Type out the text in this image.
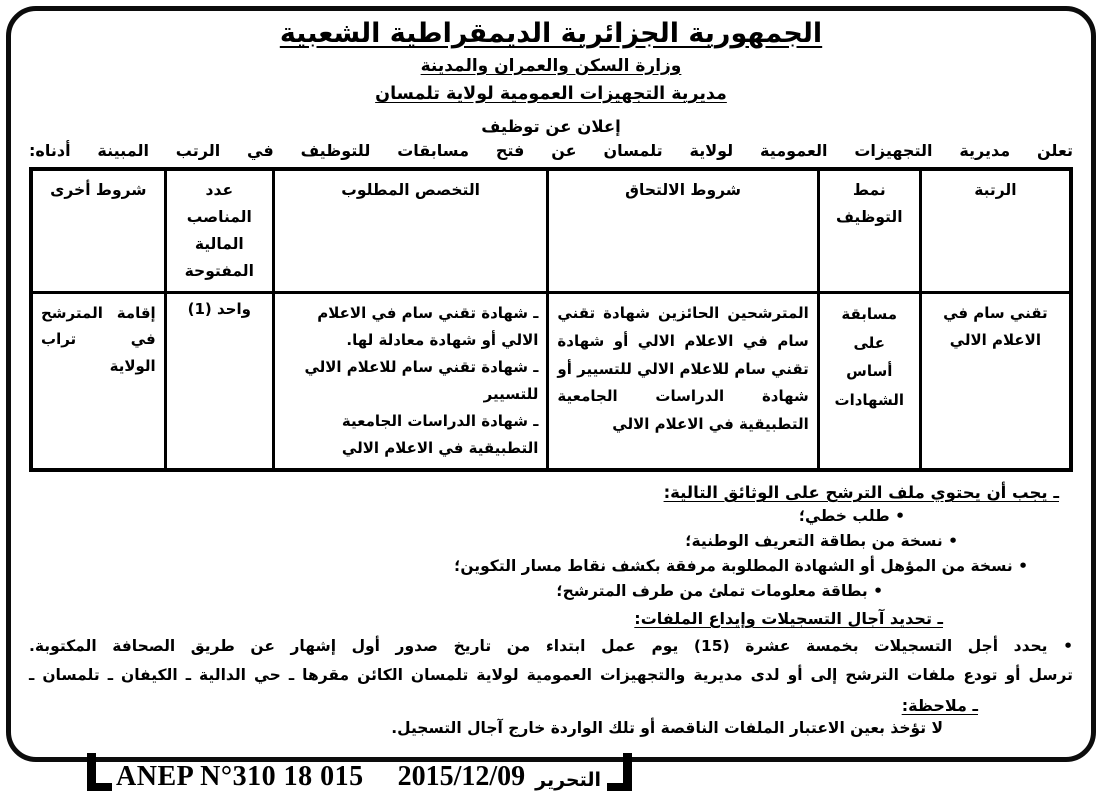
الجمهورية الجزائرية الديمقراطية الشعبية
وزارة السكن والعمران والمدينة
مديرية التجهيزات العمومية لولاية تلمسان
إعلان عن توظيف
تعلن مديرية التجهيزات العمومية لولاية تلمسان عن فتح مسابقات للتوظيف في الرتب المبينة أدناه:
الرتبة	نمط التوظيف	شروط الالتحاق	التخصص المطلوب	عدد المناصب المالية المفتوحة	شروط أخرى
تقني سام في الاعلام الالي	مسابقة على أساس الشهادات	المترشحين الحائزين شهادة تقني سام في الاعلام الالي أو شهادة تقني سام للاعلام الالي للتسيير أو شهادة الدراسات الجامعية التطبيقية في الاعلام الالي	ـ شهادة تقني سام في الاعلام الالي أو شهادة معادلة لها.
ـ شهادة تقني سام للاعلام الالي للتسيير
ـ شهادة الدراسات الجامعية التطبيقية في الاعلام الالي	واحد (1)	إقامة المترشح في تراب الولاية
ـ يجب أن يحتوي ملف الترشح على الوثائق التالية:
• طلب خطي؛
• نسخة من بطاقة التعريف الوطنية؛
• نسخة من المؤهل أو الشهادة المطلوبة مرفقة بكشف نقاط مسار التكوين؛
• بطاقة معلومات تملئ من طرف المترشح؛
ـ تحديد آجال التسجيلات وإيداع الملفات:
• يحدد أجل التسجيلات بخمسة عشرة (15) يوم عمل ابتداء من تاريخ صدور أول إشهار عن طريق الصحافة المكتوبة.
ترسل أو تودع ملفات الترشح إلى أو لدى مديرية والتجهيزات العمومية لولاية تلمسان الكائن مقرها ـ حي الدالية ـ الكيفان ـ تلمسان ـ
ـ ملاحظة:
لا تؤخذ بعين الاعتبار الملفات الناقصة أو تلك الواردة خارج آجال التسجيل.
ANEP N°310 18 015 2015/12/09 التحرير
